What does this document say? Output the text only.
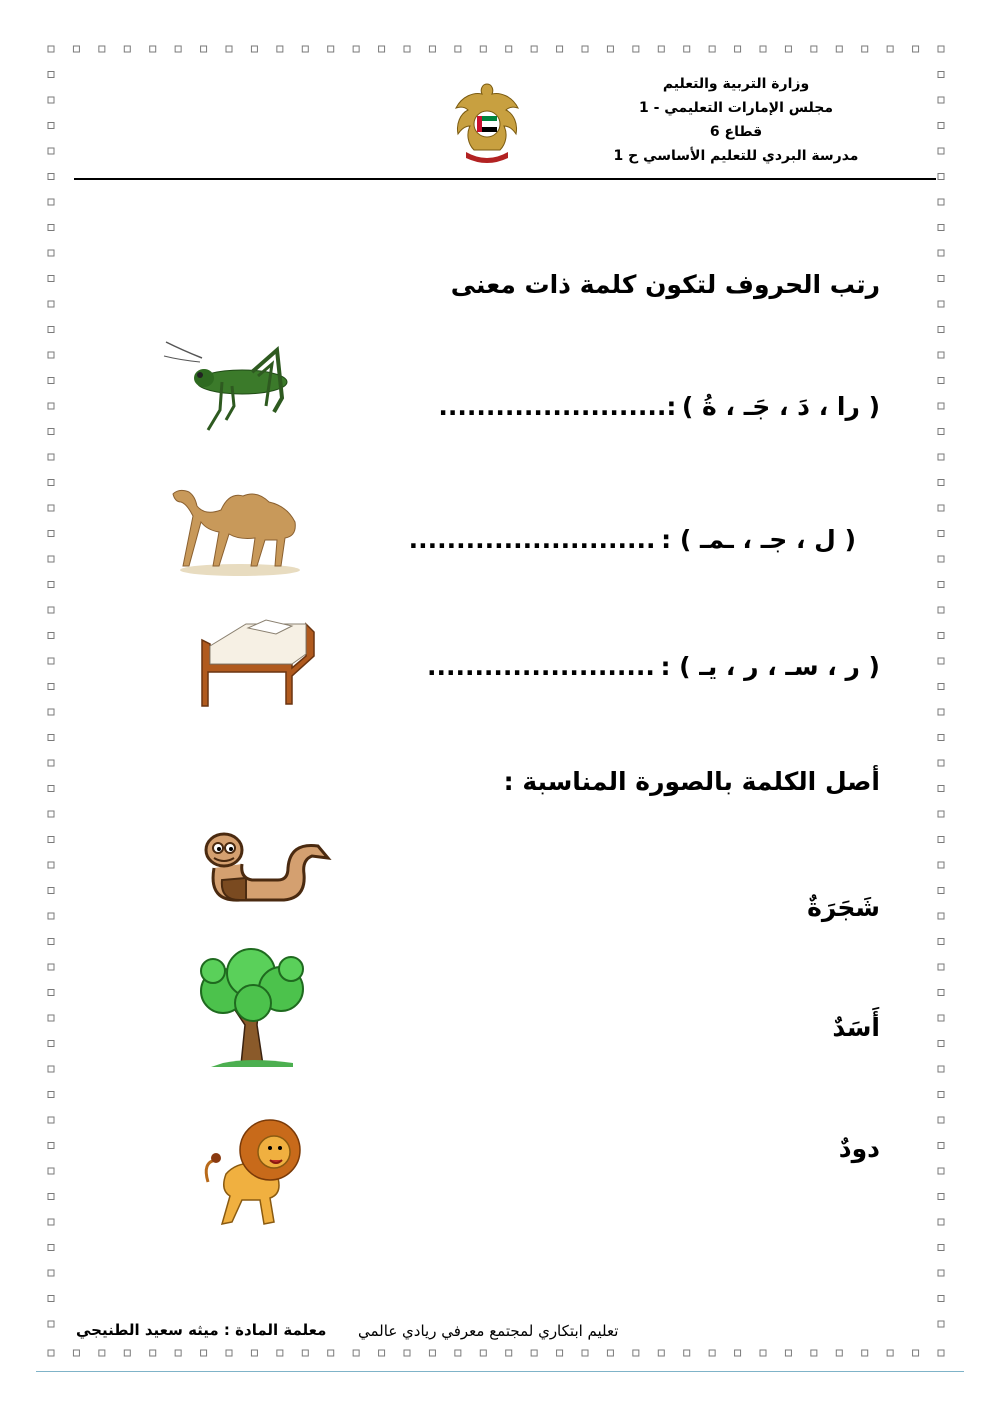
وزارة التربية والتعليم
مجلس الإمارات التعليمي - 1
قطاع 6
مدرسة البردي للتعليم الأساسي ح 1
رتب الحروف لتكون كلمة ذات معنى
( را ، دَ ، جَـ ، ةُ ) :........................
( ل ، جـ ، ـمـ ) : ..........................
( ر ، سـ ، ر ، يـ ) : ........................
أصل الكلمة بالصورة المناسبة :
شَجَرَةٌ
أَسَدٌ
دودٌ
تعليم ابتكاري لمجتمع معرفي ريادي عالمي
معلمة المادة : ميثه سعيد الطنيجي
